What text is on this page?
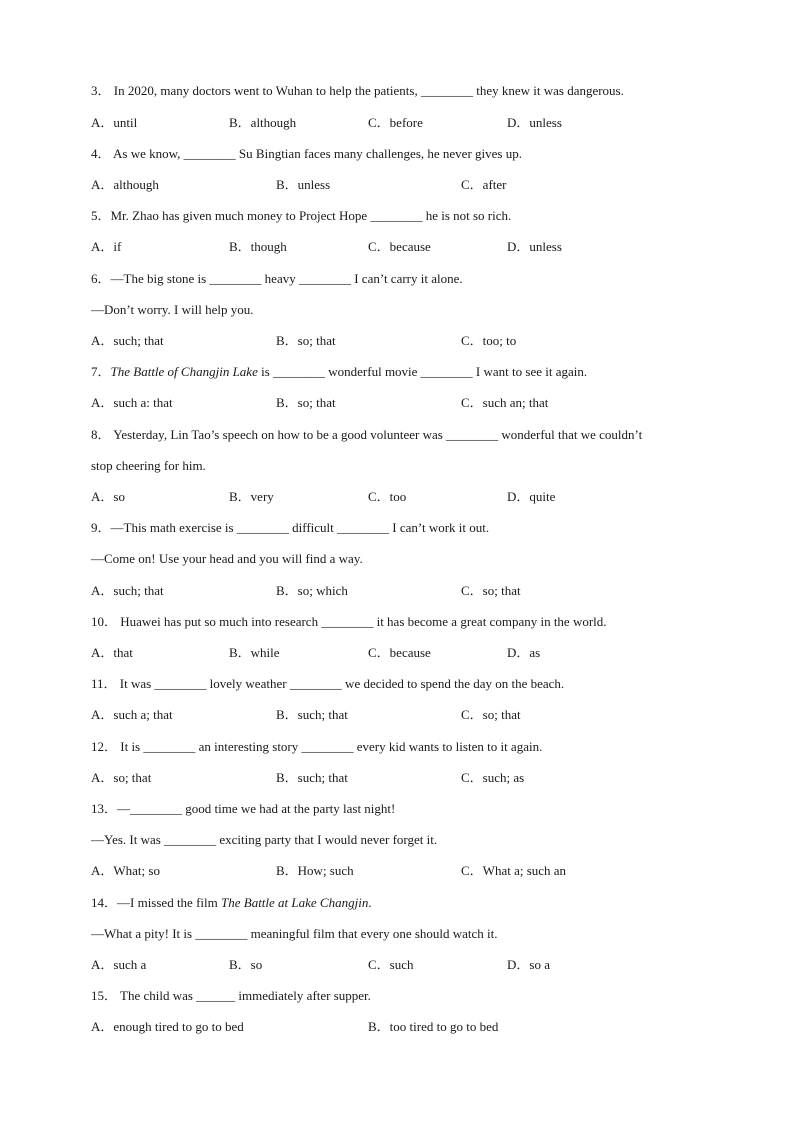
3． In 2020, many doctors went to Wuhan to help the patients, ________ they knew it was dangerous.
A．until	B．although	C．before	D．unless
4． As we know, ________ Su Bingtian faces many challenges, he never gives up.
A．although	B．unless	C．after
5．Mr. Zhao has given much money to Project Hope ________ he is not so rich.
A．if	B．though	C．because	D．unless
6．—The big stone is ________ heavy ________ I can’t carry it alone.
—Don’t worry. I will help you.
A．such; that	B．so; that	C．too; to
7．The Battle of Changjin Lake is ________ wonderful movie ________ I want to see it again.
A．such a: that	B．so; that	C．such an; that
8． Yesterday, Lin Tao’s speech on how to be a good volunteer was ________ wonderful that we couldn’t
stop cheering for him.
A．so	B．very	C．too	D．quite
9．—This math exercise is ________ difficult ________ I can’t work it out.
—Come on! Use your head and you will find a way.
A．such; that	B．so; which	C．so; that
10． Huawei has put so much into research ________ it has become a great company in the world.
A．that	B．while	C．because	D．as
11． It was ________ lovely weather ________ we decided to spend the day on the beach.
A．such a; that	B．such; that	C．so; that
12． It is ________ an interesting story ________ every kid wants to listen to it again.
A．so; that	B．such; that	C．such; as
13．—________ good time we had at the party last night!
—Yes. It was ________ exciting party that I would never forget it.
A．What; so	B．How; such	C．What a; such an
14．—I missed the film The Battle at Lake Changjin.
—What a pity! It is ________ meaningful film that every one should watch it.
A．such a	B．so	C．such	D．so a
15． The child was ______ immediately after supper.
A．enough tired to go to bed	B．too tired to go to bed
